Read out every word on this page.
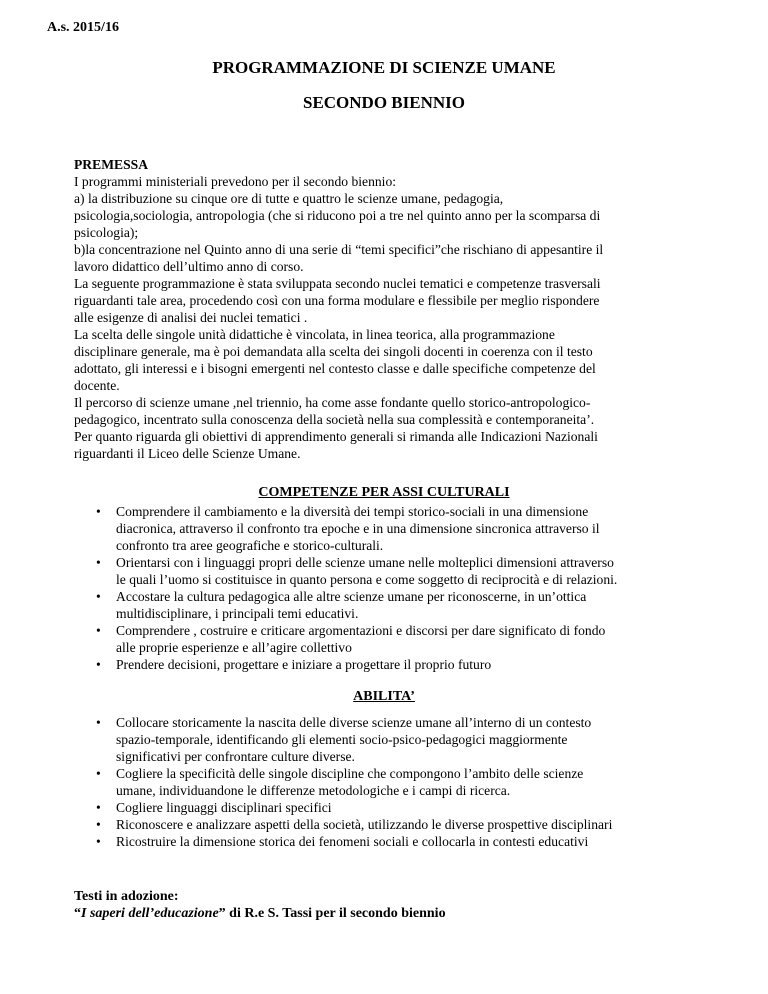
A.s. 2015/16
PROGRAMMAZIONE DI SCIENZE UMANE
SECONDO BIENNIO
PREMESSA
I programmi ministeriali prevedono per il secondo biennio:
a) la distribuzione su cinque ore di tutte e quattro le scienze umane, pedagogia,
psicologia,sociologia, antropologia (che si riducono poi a tre nel quinto anno per la scomparsa di
psicologia);
b)la concentrazione nel Quinto anno di una serie di “temi specifici”che rischiano di appesantire il
lavoro didattico dell’ultimo anno di corso.
La seguente programmazione è stata sviluppata secondo nuclei tematici e competenze trasversali
riguardanti tale area, procedendo così con una forma modulare e flessibile per meglio rispondere
alle esigenze di analisi dei nuclei tematici .
La scelta delle singole unità didattiche è vincolata, in linea teorica, alla programmazione
disciplinare generale, ma è poi demandata alla scelta dei singoli docenti in coerenza con il testo
adottato, gli interessi e i bisogni emergenti nel contesto classe e dalle specifiche competenze del
docente.
Il percorso di scienze umane ,nel triennio, ha come asse fondante quello storico-antropologico-
pedagogico, incentrato sulla conoscenza della società nella sua complessità e contemporaneita’.
Per quanto riguarda gli obiettivi di apprendimento generali si rimanda alle Indicazioni Nazionali
riguardanti il Liceo delle Scienze Umane.
COMPETENZE PER ASSI CULTURALI
• Comprendere il cambiamento e la diversità dei tempi storico-sociali in una dimensione
diacronica, attraverso il confronto tra epoche e in una dimensione sincronica attraverso il
confronto tra aree geografiche e storico-culturali.
• Orientarsi con i linguaggi propri delle scienze umane nelle molteplici dimensioni attraverso
le quali l’uomo si costituisce in quanto persona e come soggetto di reciprocità e di relazioni.
• Accostare la cultura pedagogica alle altre scienze umane per riconoscerne, in un’ottica
multidisciplinare, i principali temi educativi.
• Comprendere , costruire e criticare argomentazioni e discorsi per dare significato di fondo
alle proprie esperienze e all’agire collettivo
• Prendere decisioni, progettare e iniziare a progettare il proprio futuro
ABILITA’
• Collocare storicamente la nascita delle diverse scienze umane all’interno di un contesto
spazio-temporale, identificando gli elementi socio-psico-pedagogici maggiormente
significativi per confrontare culture diverse.
• Cogliere la specificità delle singole discipline che compongono l’ambito delle scienze
umane, individuandone le differenze metodologiche e i campi di ricerca.
• Cogliere linguaggi disciplinari specifici
• Riconoscere e analizzare aspetti della società, utilizzando le diverse prospettive disciplinari
• Ricostruire la dimensione storica dei fenomeni sociali e collocarla in contesti educativi
Testi in adozione:
“I saperi dell’educazione” di R.e S. Tassi per il secondo biennio
